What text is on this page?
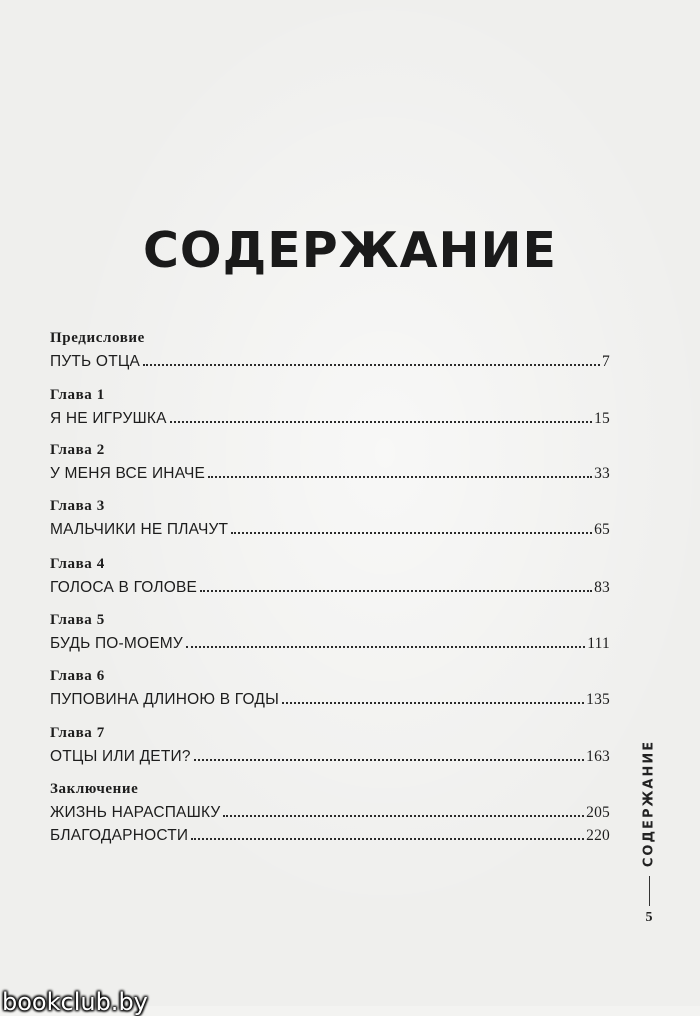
СОДЕРЖАНИЕ
Предисловие
ПУТЬ ОТЦА	7
Глава 1
Я НЕ ИГРУШКА	15
Глава 2
У МЕНЯ ВСЕ ИНАЧЕ	33
Глава 3
МАЛЬЧИКИ НЕ ПЛАЧУТ	65
Глава 4
ГОЛОСА В ГОЛОВЕ	83
Глава 5
БУДЬ ПО-МОЕМУ	111
Глава 6
ПУПОВИНА ДЛИНОЮ В ГОДЫ	135
Глава 7
ОТЦЫ ИЛИ ДЕТИ?	163
Заключение
ЖИЗНЬ НАРАСПАШКУ	205
БЛАГОДАРНОСТИ	220 СОДЕРЖАНИЕ
5
bookclub.by
